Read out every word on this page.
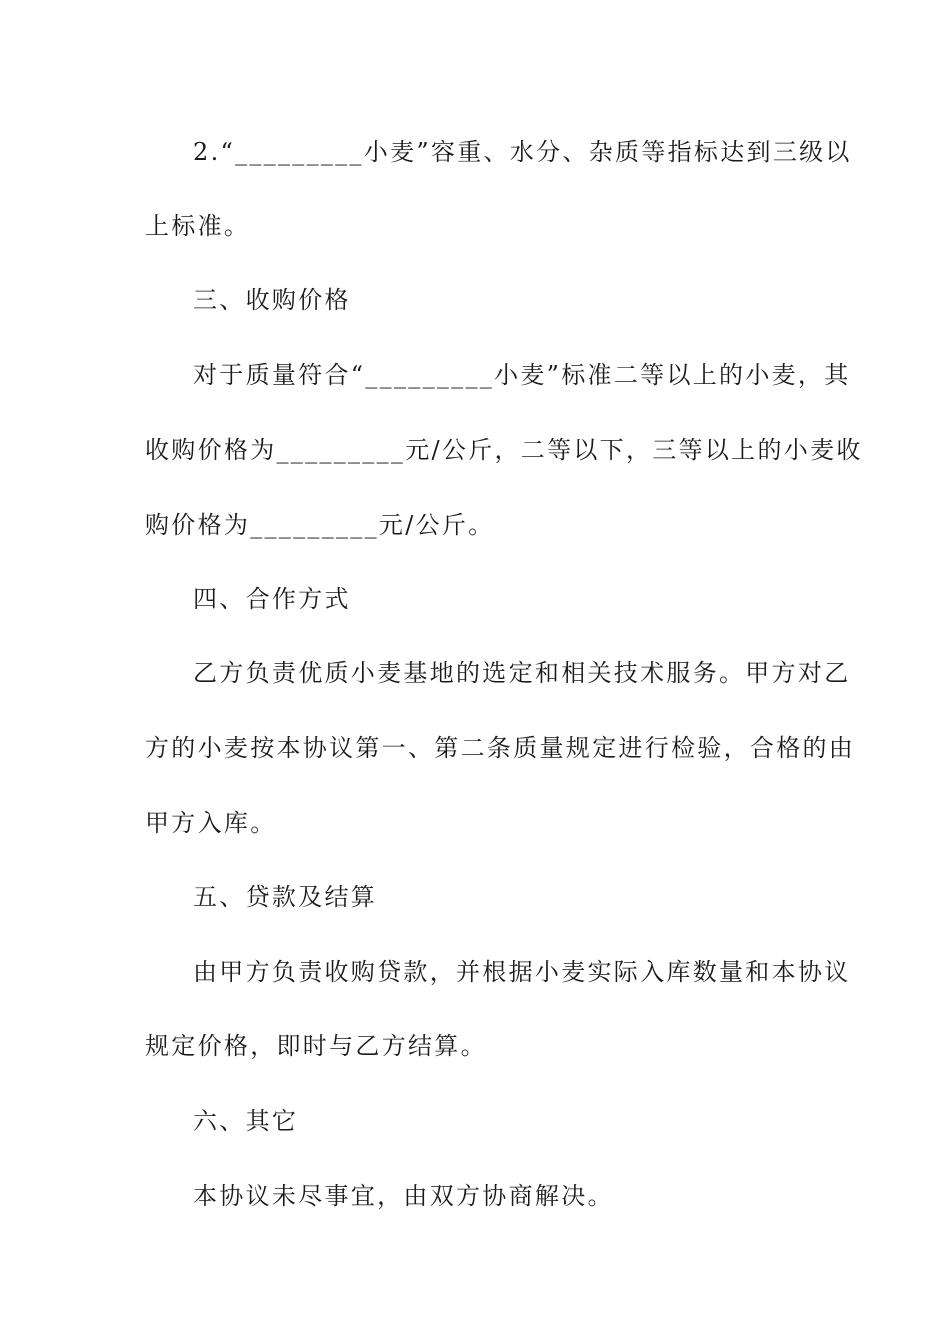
2.“_________小麦”容重、水分、杂质等指标达到三级以
上标准。
三、收购价格
对于质量符合“_________小麦”标准二等以上的小麦，其
收购价格为_________元/公斤，二等以下，三等以上的小麦收
购价格为_________元/公斤。
四、合作方式
乙方负责优质小麦基地的选定和相关技术服务。甲方对乙
方的小麦按本协议第一、第二条质量规定进行检验，合格的由
甲方入库。
五、贷款及结算
由甲方负责收购贷款，并根据小麦实际入库数量和本协议
规定价格，即时与乙方结算。
六、其它
本协议未尽事宜，由双方协商解决。
